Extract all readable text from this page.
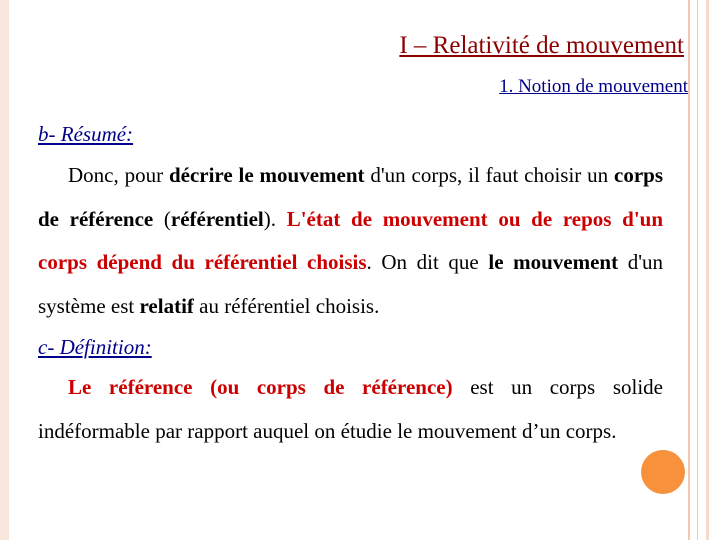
I – Relativité de mouvement
1. Notion de mouvement
b- Résumé:

Donc, pour décrire le mouvement d'un corps, il faut choisir un corps de référence (référentiel). L'état de mouvement ou de repos d'un corps dépend du référentiel choisis. On dit que le mouvement d'un système est relatif au référentiel choisis.

c- Définition:

Le référence (ou corps de référence) est un corps solide indéformable par rapport auquel on étudie le mouvement d’un corps.
